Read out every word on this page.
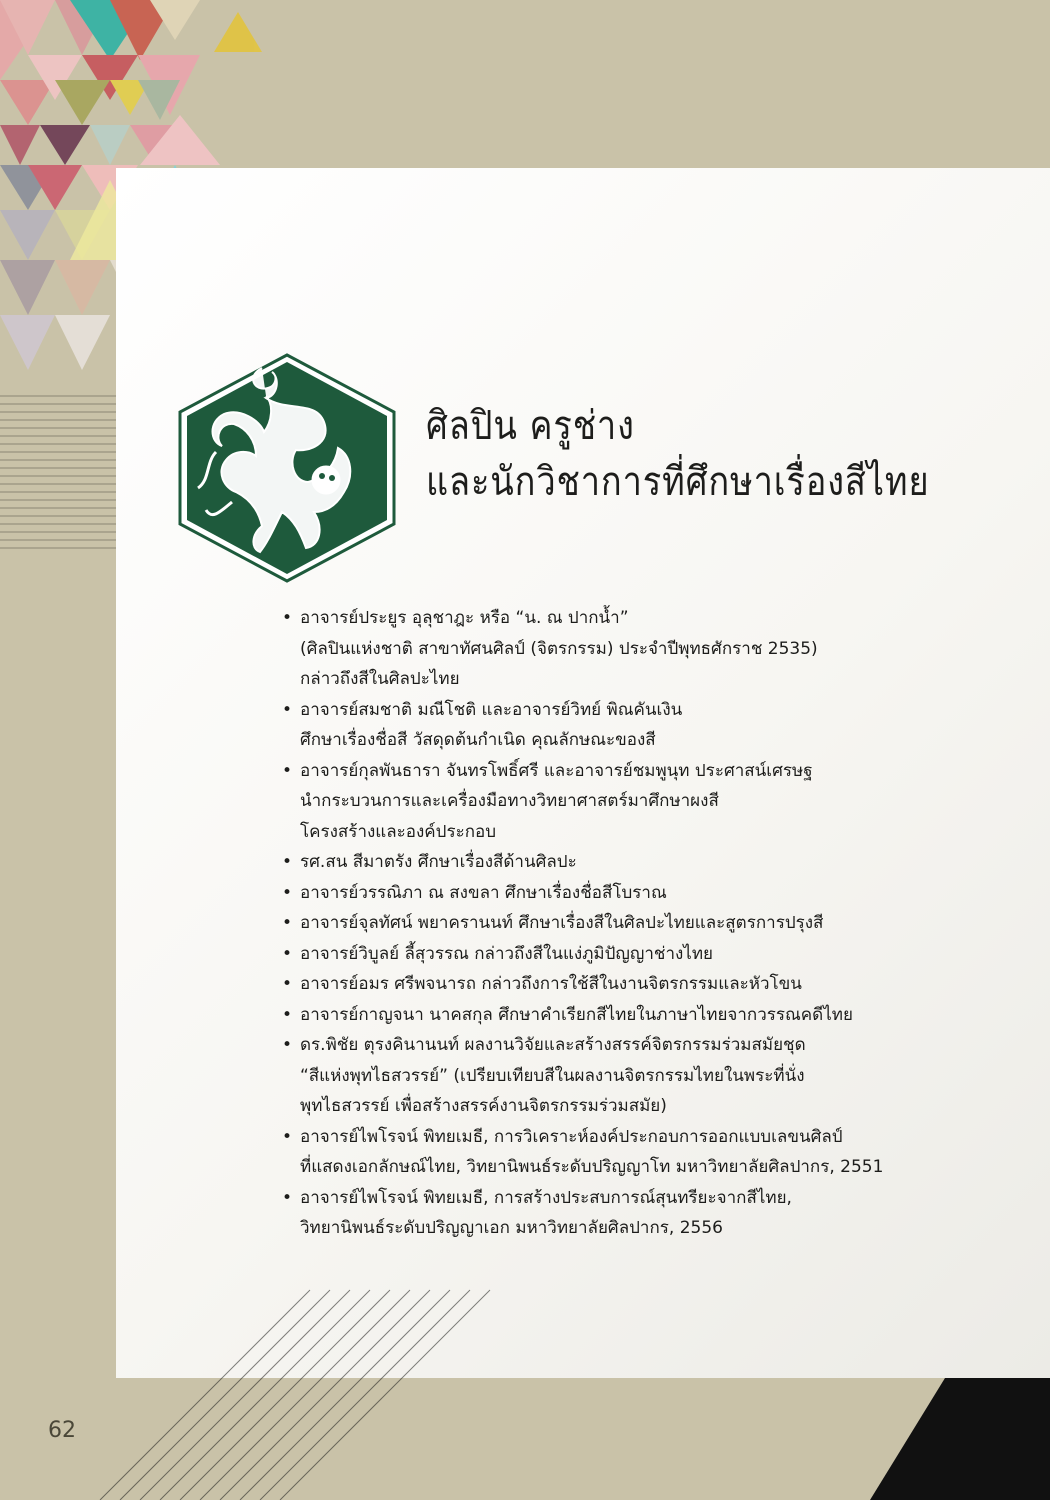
ศิลปิน ครูช่าง
และนักวิชาการที่ศึกษาเรื่องสีไทย
• อาจารย์ประยูร อุลุชาฎะ หรือ “น. ณ ปากน้ำ”
(ศิลปินแห่งชาติ สาขาทัศนศิลป์ (จิตรกรรม) ประจำปีพุทธศักราช 2535)
กล่าวถึงสีในศิลปะไทย
• อาจารย์สมชาติ มณีโชติ และอาจารย์วิทย์ พิณคันเงิน
ศึกษาเรื่องชื่อสี วัสดุดต้นกำเนิด คุณลักษณะของสี
• อาจารย์กุลพันธารา จันทรโพธิ์ศรี และอาจารย์ชมพูนุท ประศาสน์เศรษฐ
นำกระบวนการและเครื่องมือทางวิทยาศาสตร์มาศึกษาผงสี
โครงสร้างและองค์ประกอบ
• รศ.สน สีมาตรัง ศึกษาเรื่องสีด้านศิลปะ
• อาจารย์วรรณิภา ณ สงขลา ศึกษาเรื่องชื่อสีโบราณ
• อาจารย์จุลทัศน์ พยาครานนท์ ศึกษาเรื่องสีในศิลปะไทยและสูตรการปรุงสี
• อาจารย์วิบูลย์ ลี้สุวรรณ กล่าวถึงสีในแง่ภูมิปัญญาช่างไทย
• อาจารย์อมร ศรีพจนารถ กล่าวถึงการใช้สีในงานจิตรกรรมและหัวโขน
• อาจารย์กาญจนา นาคสกุล ศึกษาคำเรียกสีไทยในภาษาไทยจากวรรณคดีไทย
• ดร.พิชัย ตุรงคินานนท์ ผลงานวิจัยและสร้างสรรค์จิตรกรรมร่วมสมัยชุด
“สีแห่งพุทไธสวรรย์” (เปรียบเทียบสีในผลงานจิตรกรรมไทยในพระที่นั่ง
พุทไธสวรรย์ เพื่อสร้างสรรค์งานจิตรกรรมร่วมสมัย)
• อาจารย์ไพโรจน์ พิทยเมธี, การวิเคราะห์องค์ประกอบการออกแบบเลขนศิลป์
ที่แสดงเอกลักษณ์ไทย, วิทยานิพนธ์ระดับปริญญาโท มหาวิทยาลัยศิลปากร, 2551
• อาจารย์ไพโรจน์ พิทยเมธี, การสร้างประสบการณ์สุนทรียะจากสีไทย,
วิทยานิพนธ์ระดับปริญญาเอก มหาวิทยาลัยศิลปากร, 2556
62
